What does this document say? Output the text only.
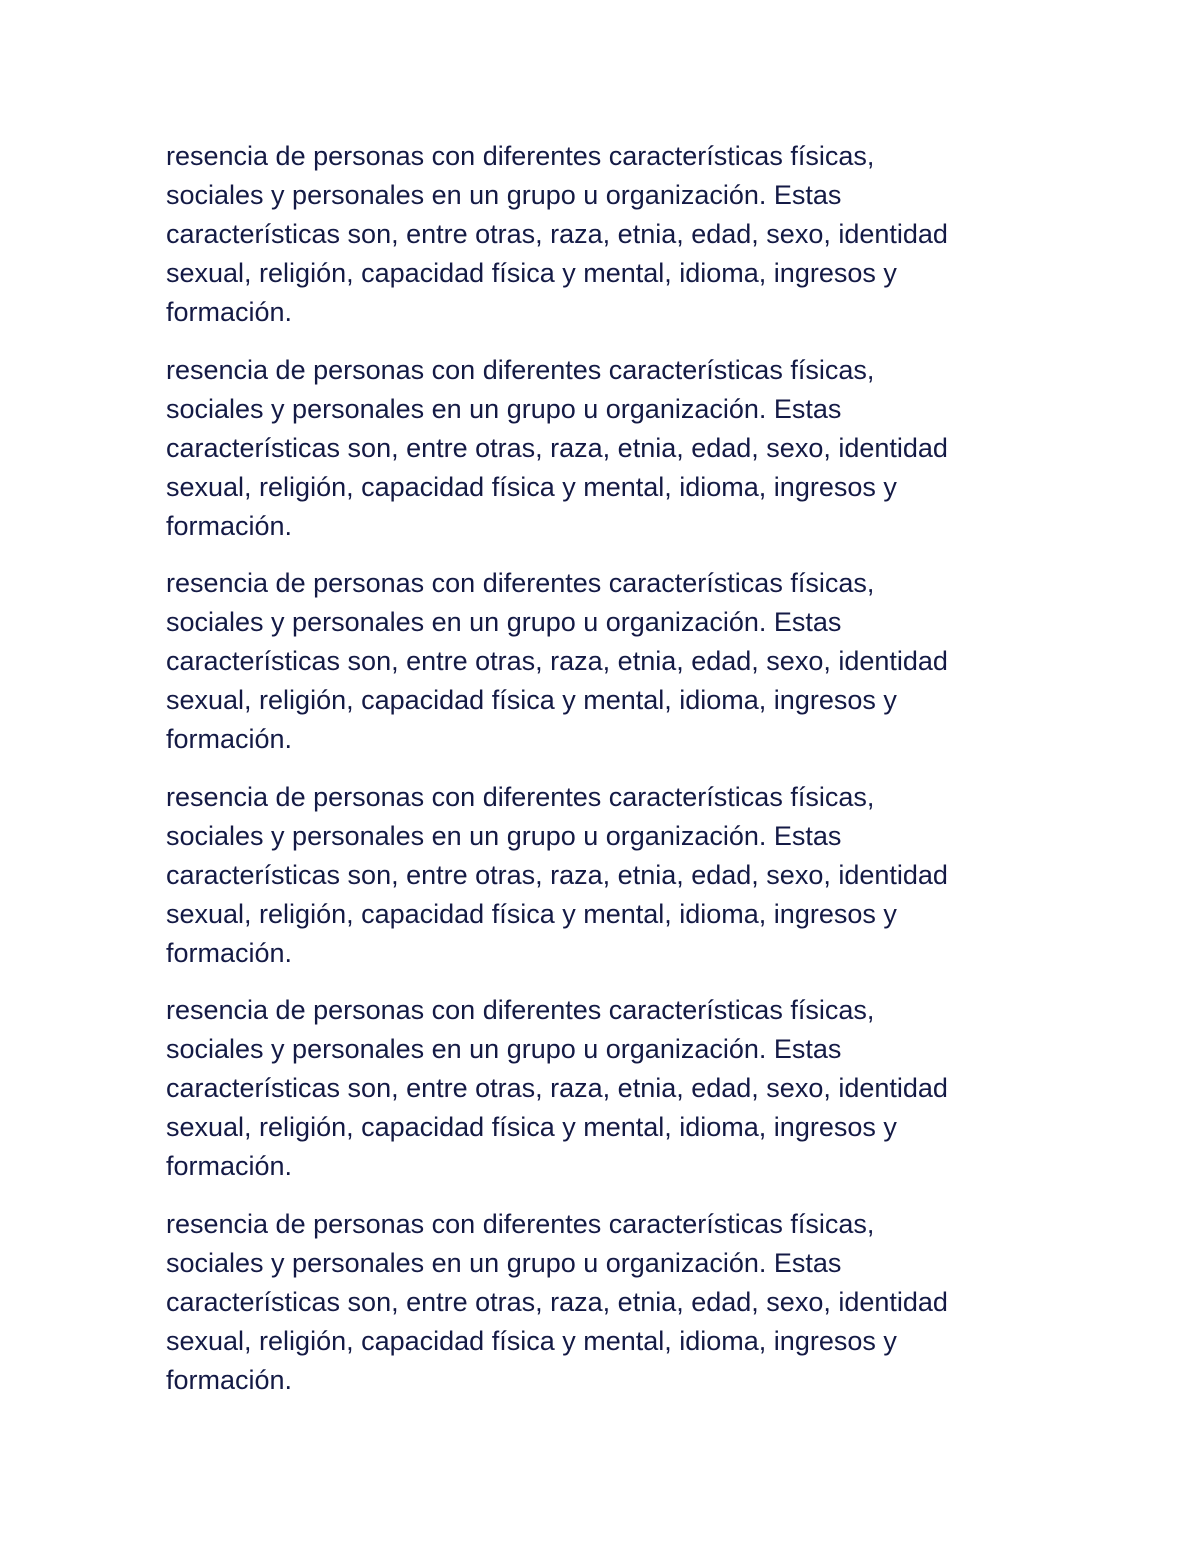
resencia de personas con diferentes características físicas,
sociales y personales en un grupo u organización. Estas
características son, entre otras, raza, etnia, edad, sexo, identidad
sexual, religión, capacidad física y mental, idioma, ingresos y
formación.

resencia de personas con diferentes características físicas,
sociales y personales en un grupo u organización. Estas
características son, entre otras, raza, etnia, edad, sexo, identidad
sexual, religión, capacidad física y mental, idioma, ingresos y
formación.

resencia de personas con diferentes características físicas,
sociales y personales en un grupo u organización. Estas
características son, entre otras, raza, etnia, edad, sexo, identidad
sexual, religión, capacidad física y mental, idioma, ingresos y
formación.

resencia de personas con diferentes características físicas,
sociales y personales en un grupo u organización. Estas
características son, entre otras, raza, etnia, edad, sexo, identidad
sexual, religión, capacidad física y mental, idioma, ingresos y
formación.

resencia de personas con diferentes características físicas,
sociales y personales en un grupo u organización. Estas
características son, entre otras, raza, etnia, edad, sexo, identidad
sexual, religión, capacidad física y mental, idioma, ingresos y
formación.

resencia de personas con diferentes características físicas,
sociales y personales en un grupo u organización. Estas
características son, entre otras, raza, etnia, edad, sexo, identidad
sexual, religión, capacidad física y mental, idioma, ingresos y
formación.
